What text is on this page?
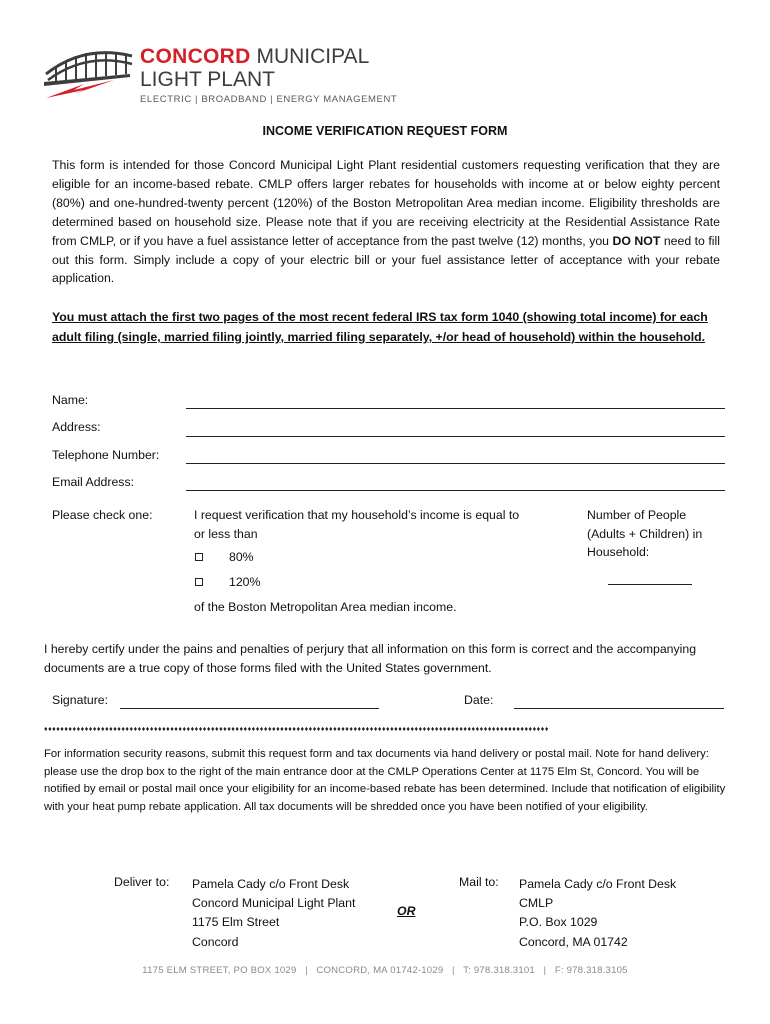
CONCORD MUNICIPAL
LIGHT PLANT
ELECTRIC | BROADBAND | ENERGY MANAGEMENT
INCOME VERIFICATION REQUEST FORM
This form is intended for those Concord Municipal Light Plant residential customers requesting verification that they are eligible for an income-based rebate. CMLP offers larger rebates for households with income at or below eighty percent (80%) and one-hundred-twenty percent (120%) of the Boston Metropolitan Area median income. Eligibility thresholds are determined based on household size. Please note that if you are receiving electricity at the Residential Assistance Rate from CMLP, or if you have a fuel assistance letter of acceptance from the past twelve (12) months, you DO NOT need to fill out this form. Simply include a copy of your electric bill or your fuel assistance letter of acceptance with your rebate application.
You must attach the first two pages of the most recent federal IRS tax form 1040 (showing total income) for each adult filing (single, married filing jointly, married filing separately, +/or head of household) within the household.
Name:
Address:
Telephone Number:
Email Address:
Please check one:	I request verification that my household’s income is equal to or less than
80%
120%
of the Boston Metropolitan Area median income.
Number of People (Adults + Children) in Household:
I hereby certify under the pains and penalties of perjury that all information on this form is correct and the accompanying documents are a true copy of those forms filed with the United States government.
Signature:	Date:
♦♦♦♦♦♦♦♦♦♦♦♦♦♦♦♦♦♦♦♦♦♦♦♦♦♦♦♦♦♦♦♦♦♦♦♦♦♦♦♦♦♦♦♦♦♦♦♦♦♦♦♦♦♦♦♦♦♦♦♦♦♦♦♦♦♦♦♦♦♦♦♦♦♦♦♦♦♦♦♦♦♦♦♦♦♦♦♦♦♦♦♦♦♦♦♦♦♦♦♦♦♦♦♦♦♦♦♦♦♦♦♦♦♦♦♦♦♦♦♦♦♦♦♦
For information security reasons, submit this request form and tax documents via hand delivery or postal mail. Note for hand delivery: please use the drop box to the right of the main entrance door at the CMLP Operations Center at 1175 Elm St, Concord. You will be notified by email or postal mail once your eligibility for an income-based rebate has been determined. Include that notification of eligibility with your heat pump rebate application. All tax documents will be shredded once you have been notified of your eligibility.
Deliver to: Pamela Cady c/o Front Desk
Concord Municipal Light Plant
1175 Elm Street
Concord
OR
Mail to: Pamela Cady c/o Front Desk
CMLP
P.O. Box 1029
Concord, MA 01742
1175 ELM STREET, PO BOX 1029   |   CONCORD, MA 01742-1029   |   T: 978.318.3101   |   F: 978.318.3105
